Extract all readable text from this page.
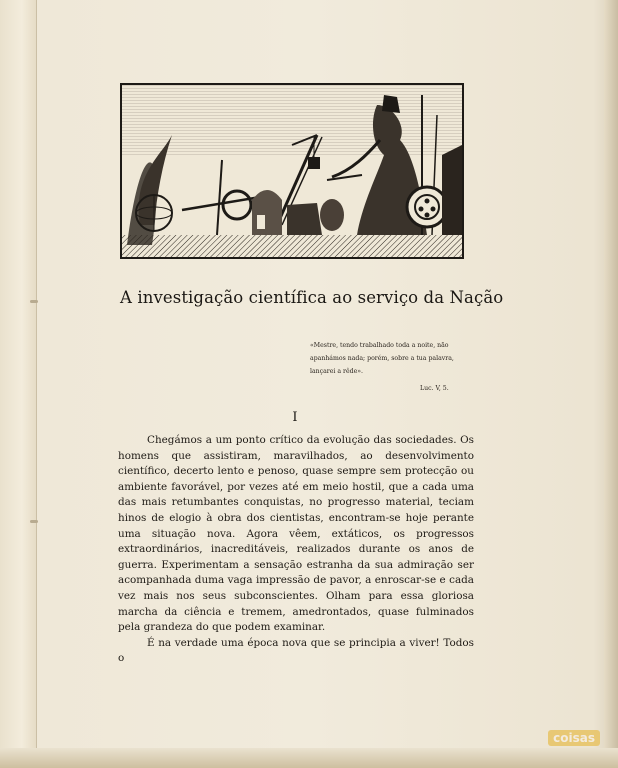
A investigação científica ao serviço da Nação
«Mestre, tendo trabalhado toda a noite, não apanhámos nada; porém, sobre a tua palavra, lançarei a rêde».
Luc. V, 5.
I

Chegámos a um ponto crítico da evolução das sociedades. Os homens que assistiram, maravilhados, ao desenvolvimento científico, decerto lento e penoso, quase sempre sem protecção ou ambiente favorável, por vezes até em meio hostil, que a cada uma das mais retumbantes conquistas, no progresso material, teciam hinos de elogio à obra dos cientistas, encontram-se hoje perante uma situação nova. Agora vêem, extáticos, os progressos extraordinários, inacreditáveis, realizados durante os anos de guerra. Experimentam a sensação estranha da sua admiração ser acompanhada duma vaga impressão de pavor, a enroscar-se e cada vez mais nos seus subconscientes. Olham para essa gloriosa marcha da ciência e tremem, amedrontados, quase fulminados pela grandeza do que podem examinar.

É na verdade uma época nova que se principia a viver! Todos o

coisas
